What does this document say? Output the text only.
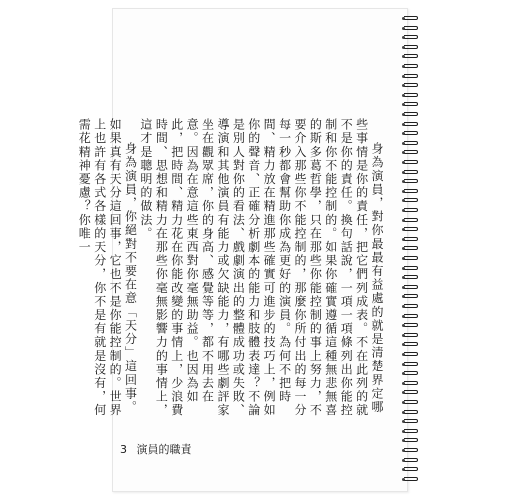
身為演員，對你最最有益處的就是清楚界定哪些事情是你的責任，把它們列成表。不在此列的就不是你的責任。換句話說，一項一項條列出你能控制和你不能控制的。如果你確實遵循這種無悲無喜的斯多葛哲學，只在那些你能控制的事上努力，不要介入那些你不能控制的，那麼你所付出的每一分每一秒都會幫助你成為更好的演員。為何不把時間、精力放在精進那些確實可進步的技巧上，例如你的聲音、正確分析劇本的能力和肢體表達？不論是別人對你的看法、戲劇演出的整體成功或失敗、導演和其他演員有能力或欠缺能力，有哪些劇評家坐在觀眾席，你的身高、感覺等等，都不用去在意。因為在意這些東西對你毫無助益。也因為如此，把時間、精力花在你能改變的事情上，少浪費時間、思想和精力在那些你毫無影響力的事情上，這才是聰明的做法。

身為演員，你絕對不要在意「天分」這回事。如果真有天分這回事，它也不是你能控制的。世界上也許有各式各樣的天分，你不是有就是沒有，何需花精神憂慮？你唯一

3 演員的職責
